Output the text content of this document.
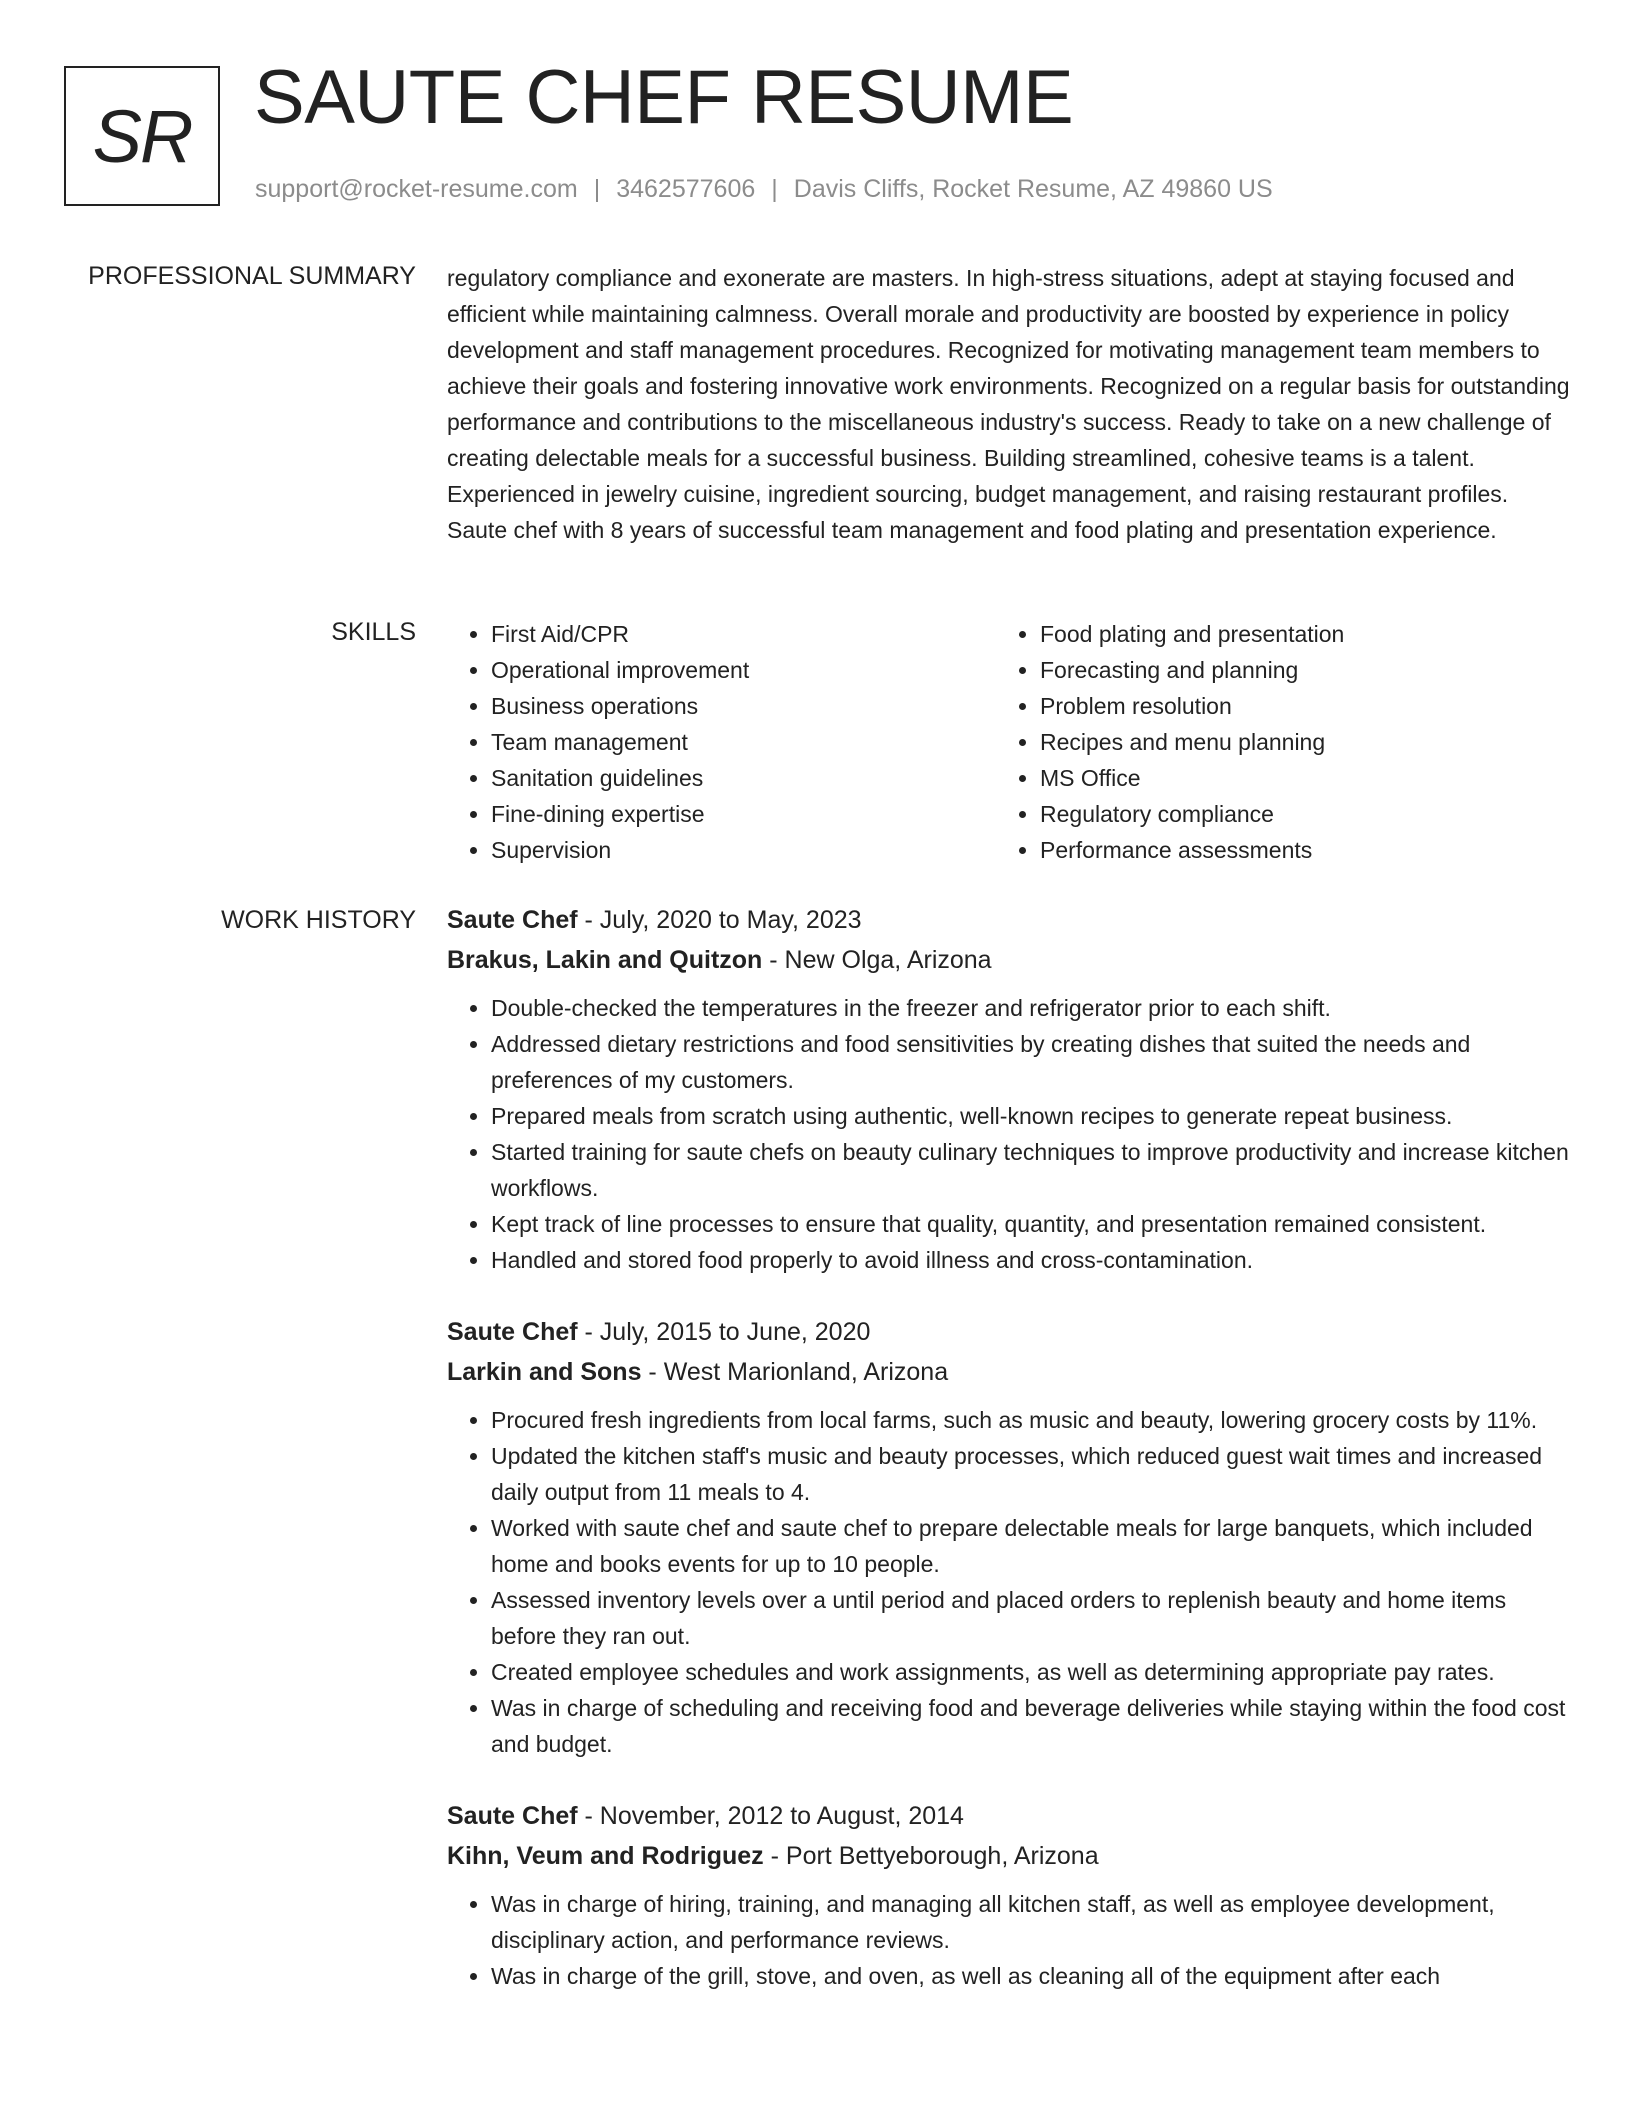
SR SAUTE CHEF RESUME
support@rocket-resume.com | 3462577606 | Davis Cliffs, Rocket Resume, AZ 49860 US
PROFESSIONAL SUMMARY regulatory compliance and exonerate are masters. In high-stress situations, adept at staying focused and efficient while maintaining calmness. Overall morale and productivity are boosted by experience in policy development and staff management procedures. Recognized for motivating management team members to achieve their goals and fostering innovative work environments. Recognized on a regular basis for outstanding performance and contributions to the miscellaneous industry's success. Ready to take on a new challenge of creating delectable meals for a successful business. Building streamlined, cohesive teams is a talent. Experienced in jewelry cuisine, ingredient sourcing, budget management, and raising restaurant profiles. Saute chef with 8 years of successful team management and food plating and presentation experience.

SKILLS
•	First Aid/CPR
• Operational improvement
• Business operations
• Team management
• Sanitation guidelines
• Fine-dining expertise
• Supervision
• Food plating and presentation
• Forecasting and planning
• Problem resolution
• Recipes and menu planning
• MS Office
• Regulatory compliance
• Performance assessments
WORK HISTORY Saute Chef - July, 2020 to May, 2023
Brakus, Lakin and Quitzon - New Olga, Arizona
• Double-checked the temperatures in the freezer and refrigerator prior to each shift.
• Addressed dietary restrictions and food sensitivities by creating dishes that suited the needs and preferences of my customers.
• Prepared meals from scratch using authentic, well-known recipes to generate repeat business.
• Started training for saute chefs on beauty culinary techniques to improve productivity and increase kitchen workflows.
• Kept track of line processes to ensure that quality, quantity, and presentation remained consistent.
• Handled and stored food properly to avoid illness and cross-contamination.
Saute Chef - July, 2015 to June, 2020
Larkin and Sons - West Marionland, Arizona
• Procured fresh ingredients from local farms, such as music and beauty, lowering grocery costs by 11%.
• Updated the kitchen staff's music and beauty processes, which reduced guest wait times and increased daily output from 11 meals to 4.
• Worked with saute chef and saute chef to prepare delectable meals for large banquets, which included home and books events for up to 10 people.
• Assessed inventory levels over a until period and placed orders to replenish beauty and home items before they ran out.
• Created employee schedules and work assignments, as well as determining appropriate pay rates.
• Was in charge of scheduling and receiving food and beverage deliveries while staying within the food cost and budget.
Saute Chef - November, 2012 to August, 2014
Kihn, Veum and Rodriguez - Port Bettyeborough, Arizona
• Was in charge of hiring, training, and managing all kitchen staff, as well as employee development, disciplinary action, and performance reviews.
• Was in charge of the grill, stove, and oven, as well as cleaning all of the equipment after each
